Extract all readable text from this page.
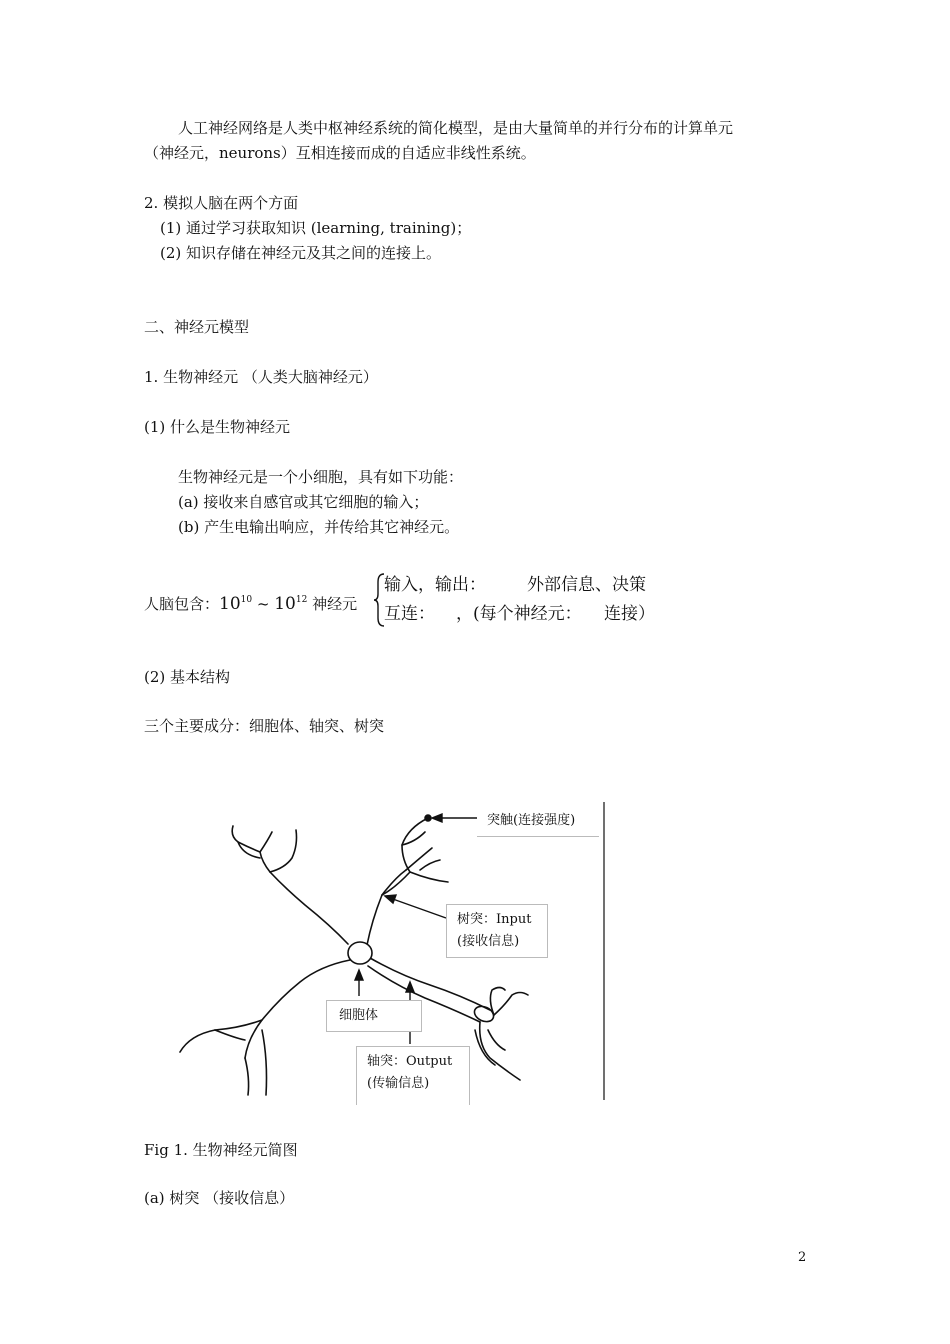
人工神经网络是人类中枢神经系统的简化模型，是由大量简单的并行分布的计算单元
（神经元，neurons）互相连接而成的自适应非线性系统。
2. 模拟人脑在两个方面
(1) 通过学习获取知识 (learning, training)；
(2) 知识存储在神经元及其之间的连接上。
二、神经元模型
1. 生物神经元 （人类大脑神经元）
(1) 什么是生物神经元
生物神经元是一个小细胞，具有如下功能：
(a) 接收来自感官或其它细胞的输入；
(b) 产生电输出响应，并传给其它神经元。
人脑包含：$10^{10}$ ~ $10^{12}$ 神经元
输入，输出： 外部信息、决策
互连： ，(每个神经元： 连接）
(2) 基本结构
三个主要成分：细胞体、轴突、树突
突触(连接强度)
树突：Input
(接收信息)
细胞体
轴突：Output
(传输信息)
Fig 1. 生物神经元简图
(a) 树突 （接收信息）
2
